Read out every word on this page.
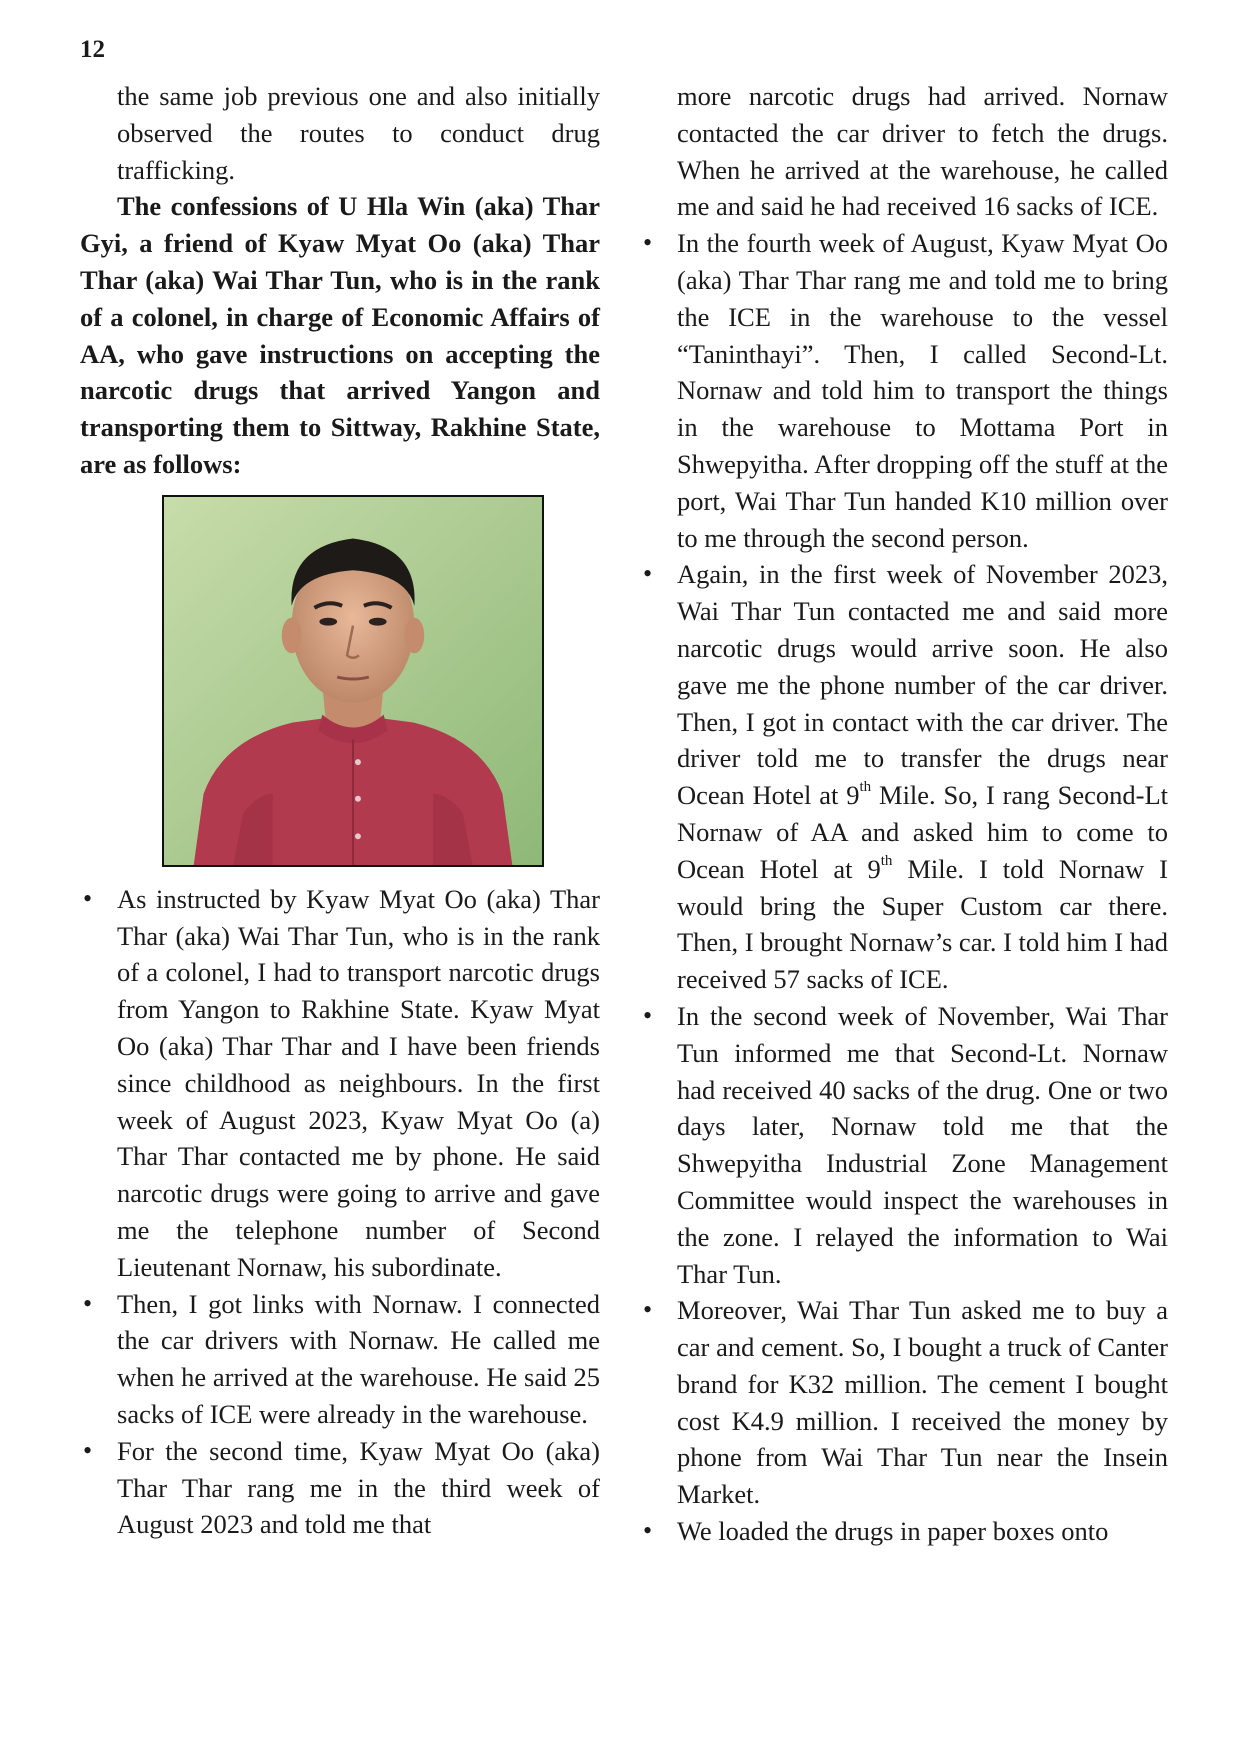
12

the same job previous one and also initially observed the routes to conduct drug trafficking.

The confessions of U Hla Win (aka) Thar Gyi, a friend of Kyaw Myat Oo (aka) Thar Thar (aka) Wai Thar Tun, who is in the rank of a colonel, in charge of Economic Affairs of AA, who gave instructions on accepting the narcotic drugs that arrived Yangon and transporting them to Sittway, Rakhine State, are as follows:

• As instructed by Kyaw Myat Oo (aka) Thar Thar (aka) Wai Thar Tun, who is in the rank of a colonel, I had to transport narcotic drugs from Yangon to Rakhine State. Kyaw Myat Oo (aka) Thar Thar and I have been friends since childhood as neighbours. In the first week of August 2023, Kyaw Myat Oo (a) Thar Thar contacted me by phone. He said narcotic drugs were going to arrive and gave me the telephone number of Second Lieutenant Nornaw, his subordinate.
• Then, I got links with Nornaw. I connected the car drivers with Nornaw. He called me when he arrived at the warehouse. He said 25 sacks of ICE were already in the warehouse.
• For the second time, Kyaw Myat Oo (aka) Thar Thar rang me in the third week of August 2023 and told me that

more narcotic drugs had arrived. Nornaw contacted the car driver to fetch the drugs. When he arrived at the warehouse, he called me and said he had received 16 sacks of ICE.

• In the fourth week of August, Kyaw Myat Oo (aka) Thar Thar rang me and told me to bring the ICE in the warehouse to the vessel “Taninthayi”. Then, I called Second-Lt. Nornaw and told him to transport the things in the warehouse to Mottama Port in Shwepyitha. After dropping off the stuff at the port, Wai Thar Tun handed K10 million over to me through the second person.
• Again, in the first week of November 2023, Wai Thar Tun contacted me and said more narcotic drugs would arrive soon. He also gave me the phone number of the car driver. Then, I got in contact with the car driver. The driver told me to transfer the drugs near Ocean Hotel at 9th Mile. So, I rang Second-Lt Nornaw of AA and asked him to come to Ocean Hotel at 9th Mile. I told Nornaw I would bring the Super Custom car there. Then, I brought Nornaw’s car. I told him I had received 57 sacks of ICE.
• In the second week of November, Wai Thar Tun informed me that Second-Lt. Nornaw had received 40 sacks of the drug. One or two days later, Nornaw told me that the Shwepyitha Industrial Zone Management Committee would inspect the warehouses in the zone. I relayed the information to Wai Thar Tun.
• Moreover, Wai Thar Tun asked me to buy a car and cement. So, I bought a truck of Canter brand for K32 million. The cement I bought cost K4.9 million. I received the money by phone from Wai Thar Tun near the Insein Market.
• We loaded the drugs in paper boxes onto
